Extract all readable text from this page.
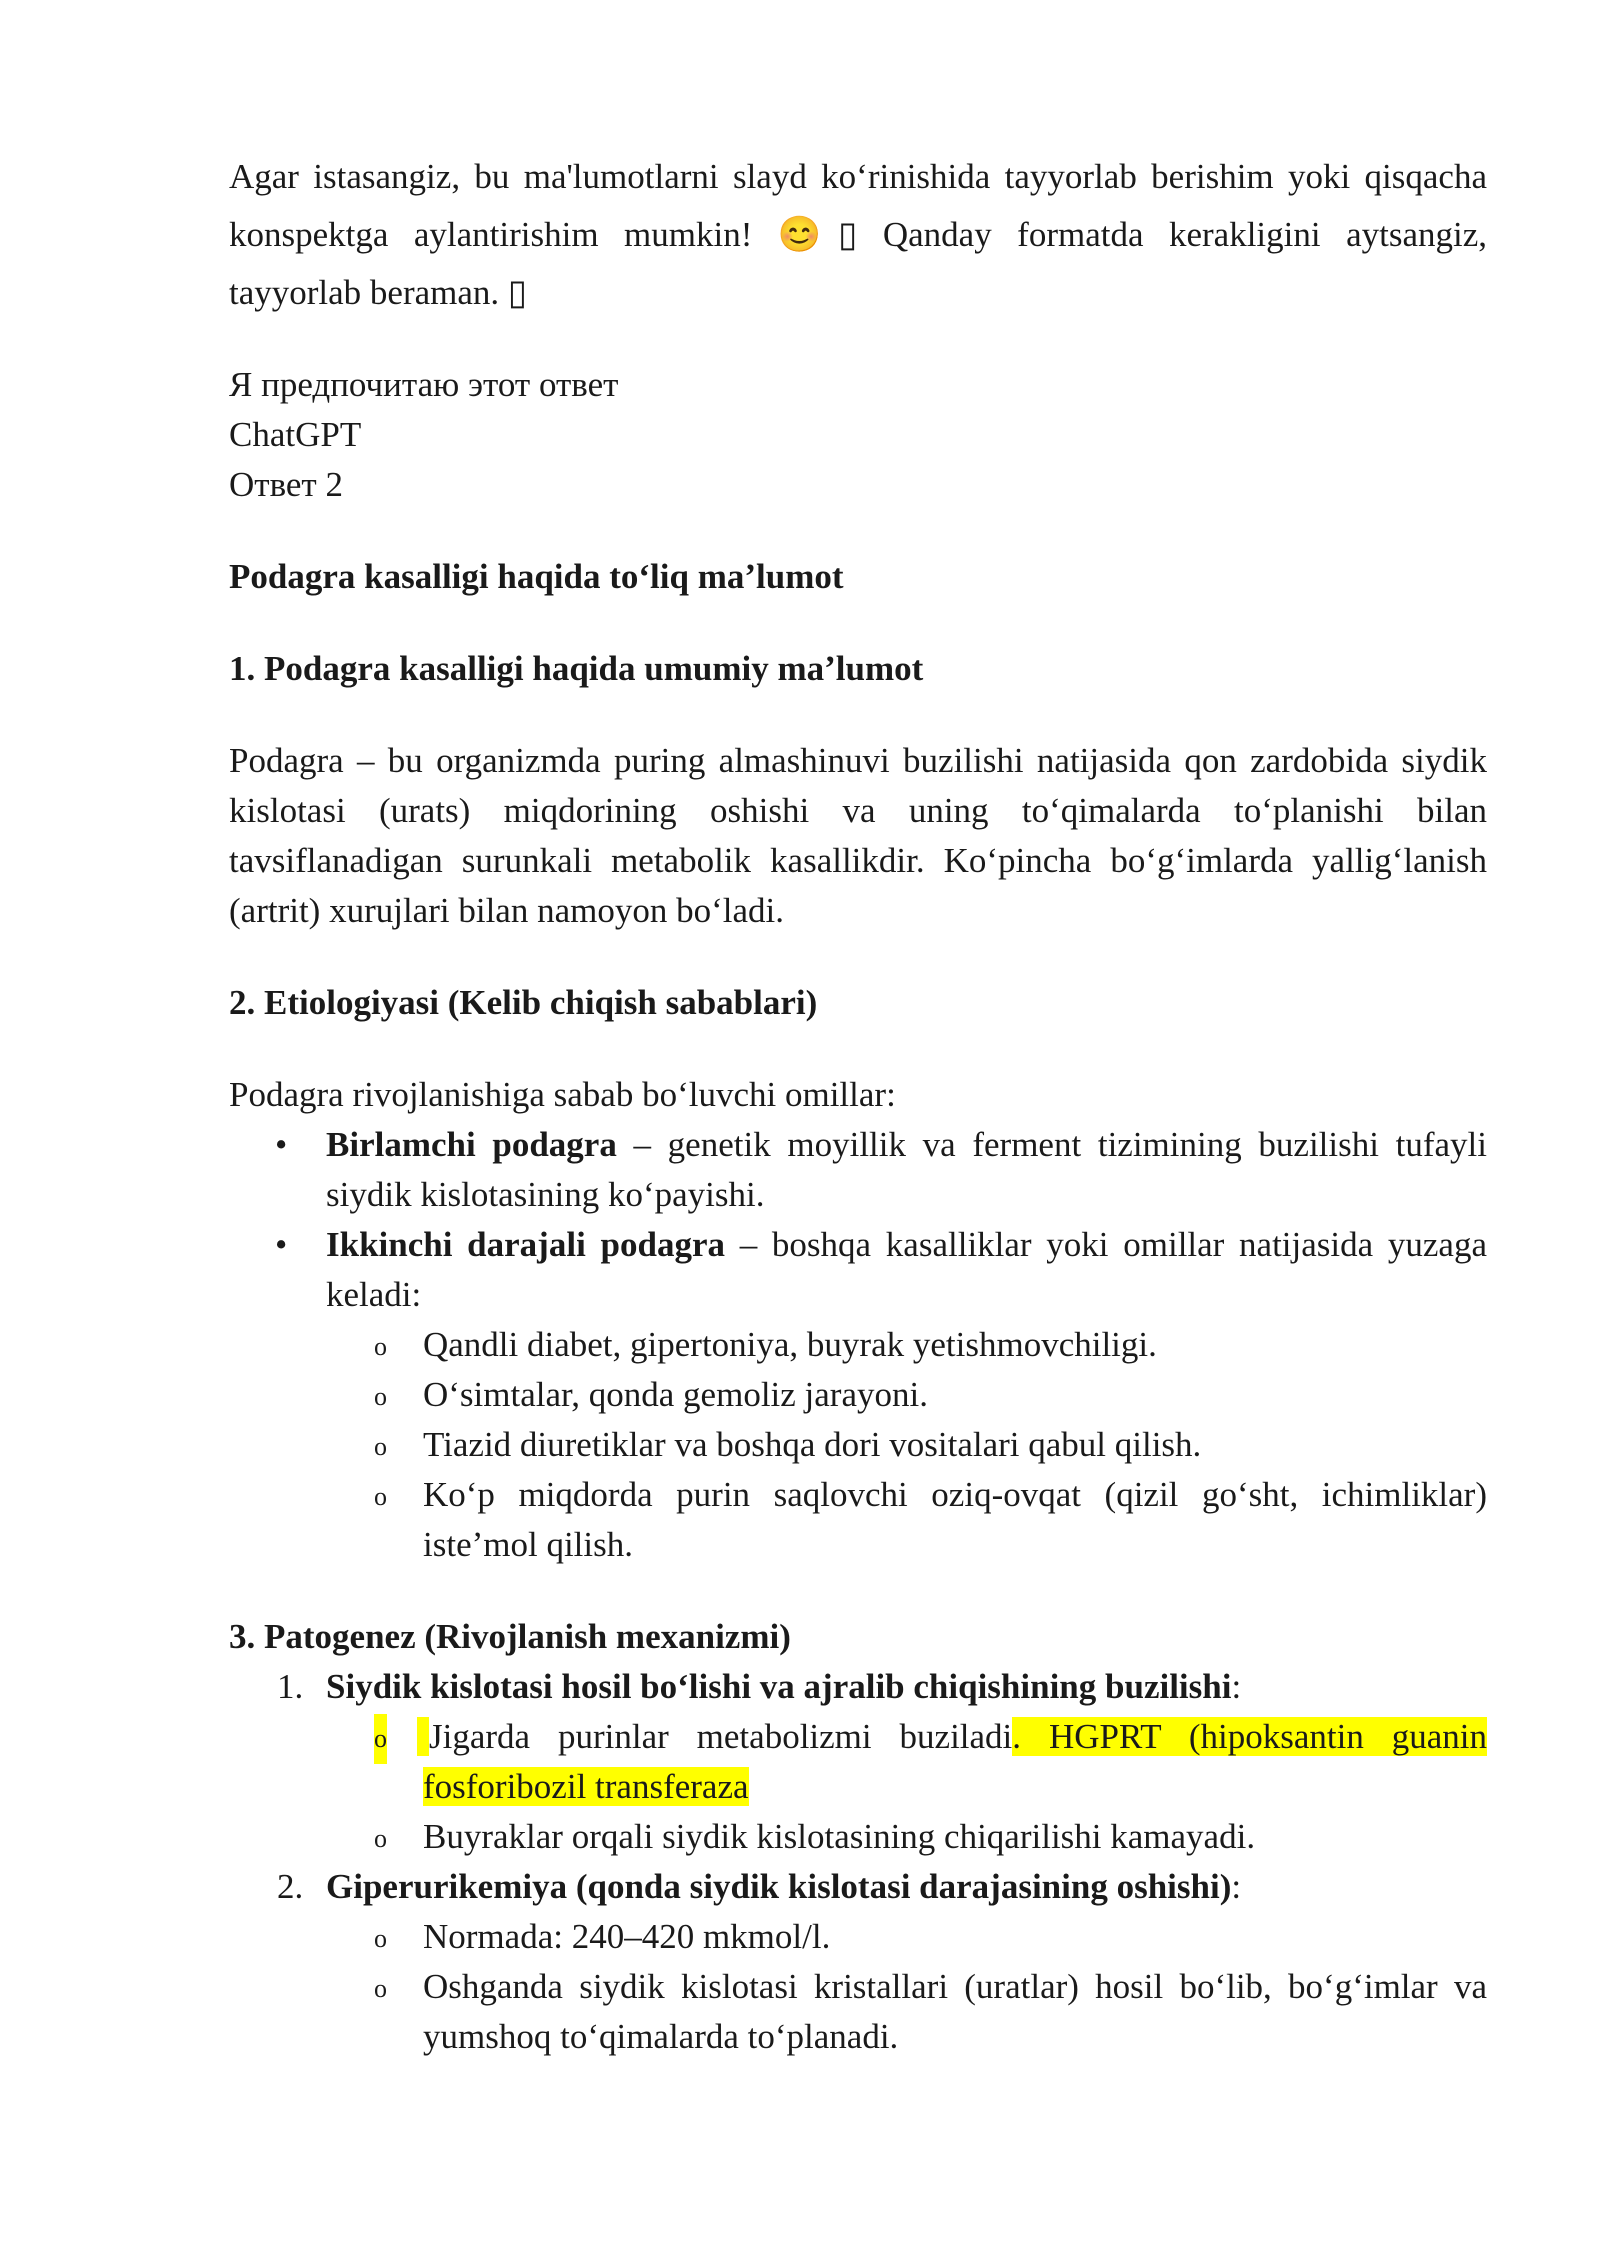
Agar istasangiz, bu ma'lumotlarni slayd koʻrinishida tayyorlab berishim yoki qisqacha konspektga aylantirishim mumkin! 😊▯ Qanday formatda kerakligini aytsangiz, tayyorlab beraman. ▯

Я предпочитаю этот ответ

ChatGPT

Ответ 2

Podagra kasalligi haqida toʻliq maʼlumot
1. Podagra kasalligi haqida umumiy maʼlumot

Podagra – bu organizmda puring almashinuvi buzilishi natijasida qon zardobida siydik kislotasi (urats) miqdorining oshishi va uning toʻqimalarda toʻplanishi bilan tavsiflanadigan surunkali metabolik kasallikdir. Koʻpincha boʻgʻimlarda yalligʻlanish (artrit) xurujlari bilan namoyon boʻladi.

2. Etiologiyasi (Kelib chiqish sabablari)

Podagra rivojlanishiga sabab boʻluvchi omillar:

• Birlamchi podagra – genetik moyillik va ferment tizimining buzilishi tufayli siydik kislotasining koʻpayishi.
• Ikkinchi darajali podagra – boshqa kasalliklar yoki omillar natijasida yuzaga keladi:
o	Qandli diabet, gipertoniya, buyrak yetishmovchiligi.
o	Oʻsimtalar, qonda gemoliz jarayoni.
o	Tiazid diuretiklar va boshqa dori vositalari qabul qilish.
o	Koʻp miqdorda purin saqlovchi oziq-ovqat (qizil goʻsht, ichimliklar) isteʼmol qilish.
3. Patogenez (Rivojlanish mexanizmi)
1. Siydik kislotasi hosil boʻlishi va ajralib chiqishining buzilishi:
o	Jigarda purinlar metabolizmi buziladi. HGPRT (hipoksantin guanin fosforibozil transferaza
o	Buyraklar orqali siydik kislotasining chiqarilishi kamayadi.
2. Giperurikemiya (qonda siydik kislotasi darajasining oshishi):
o	Normada: 240–420 mkmol/l.
o	Oshganda siydik kislotasi kristallari (uratlar) hosil boʻlib, boʻgʻimlar va yumshoq toʻqimalarda toʻplanadi.
